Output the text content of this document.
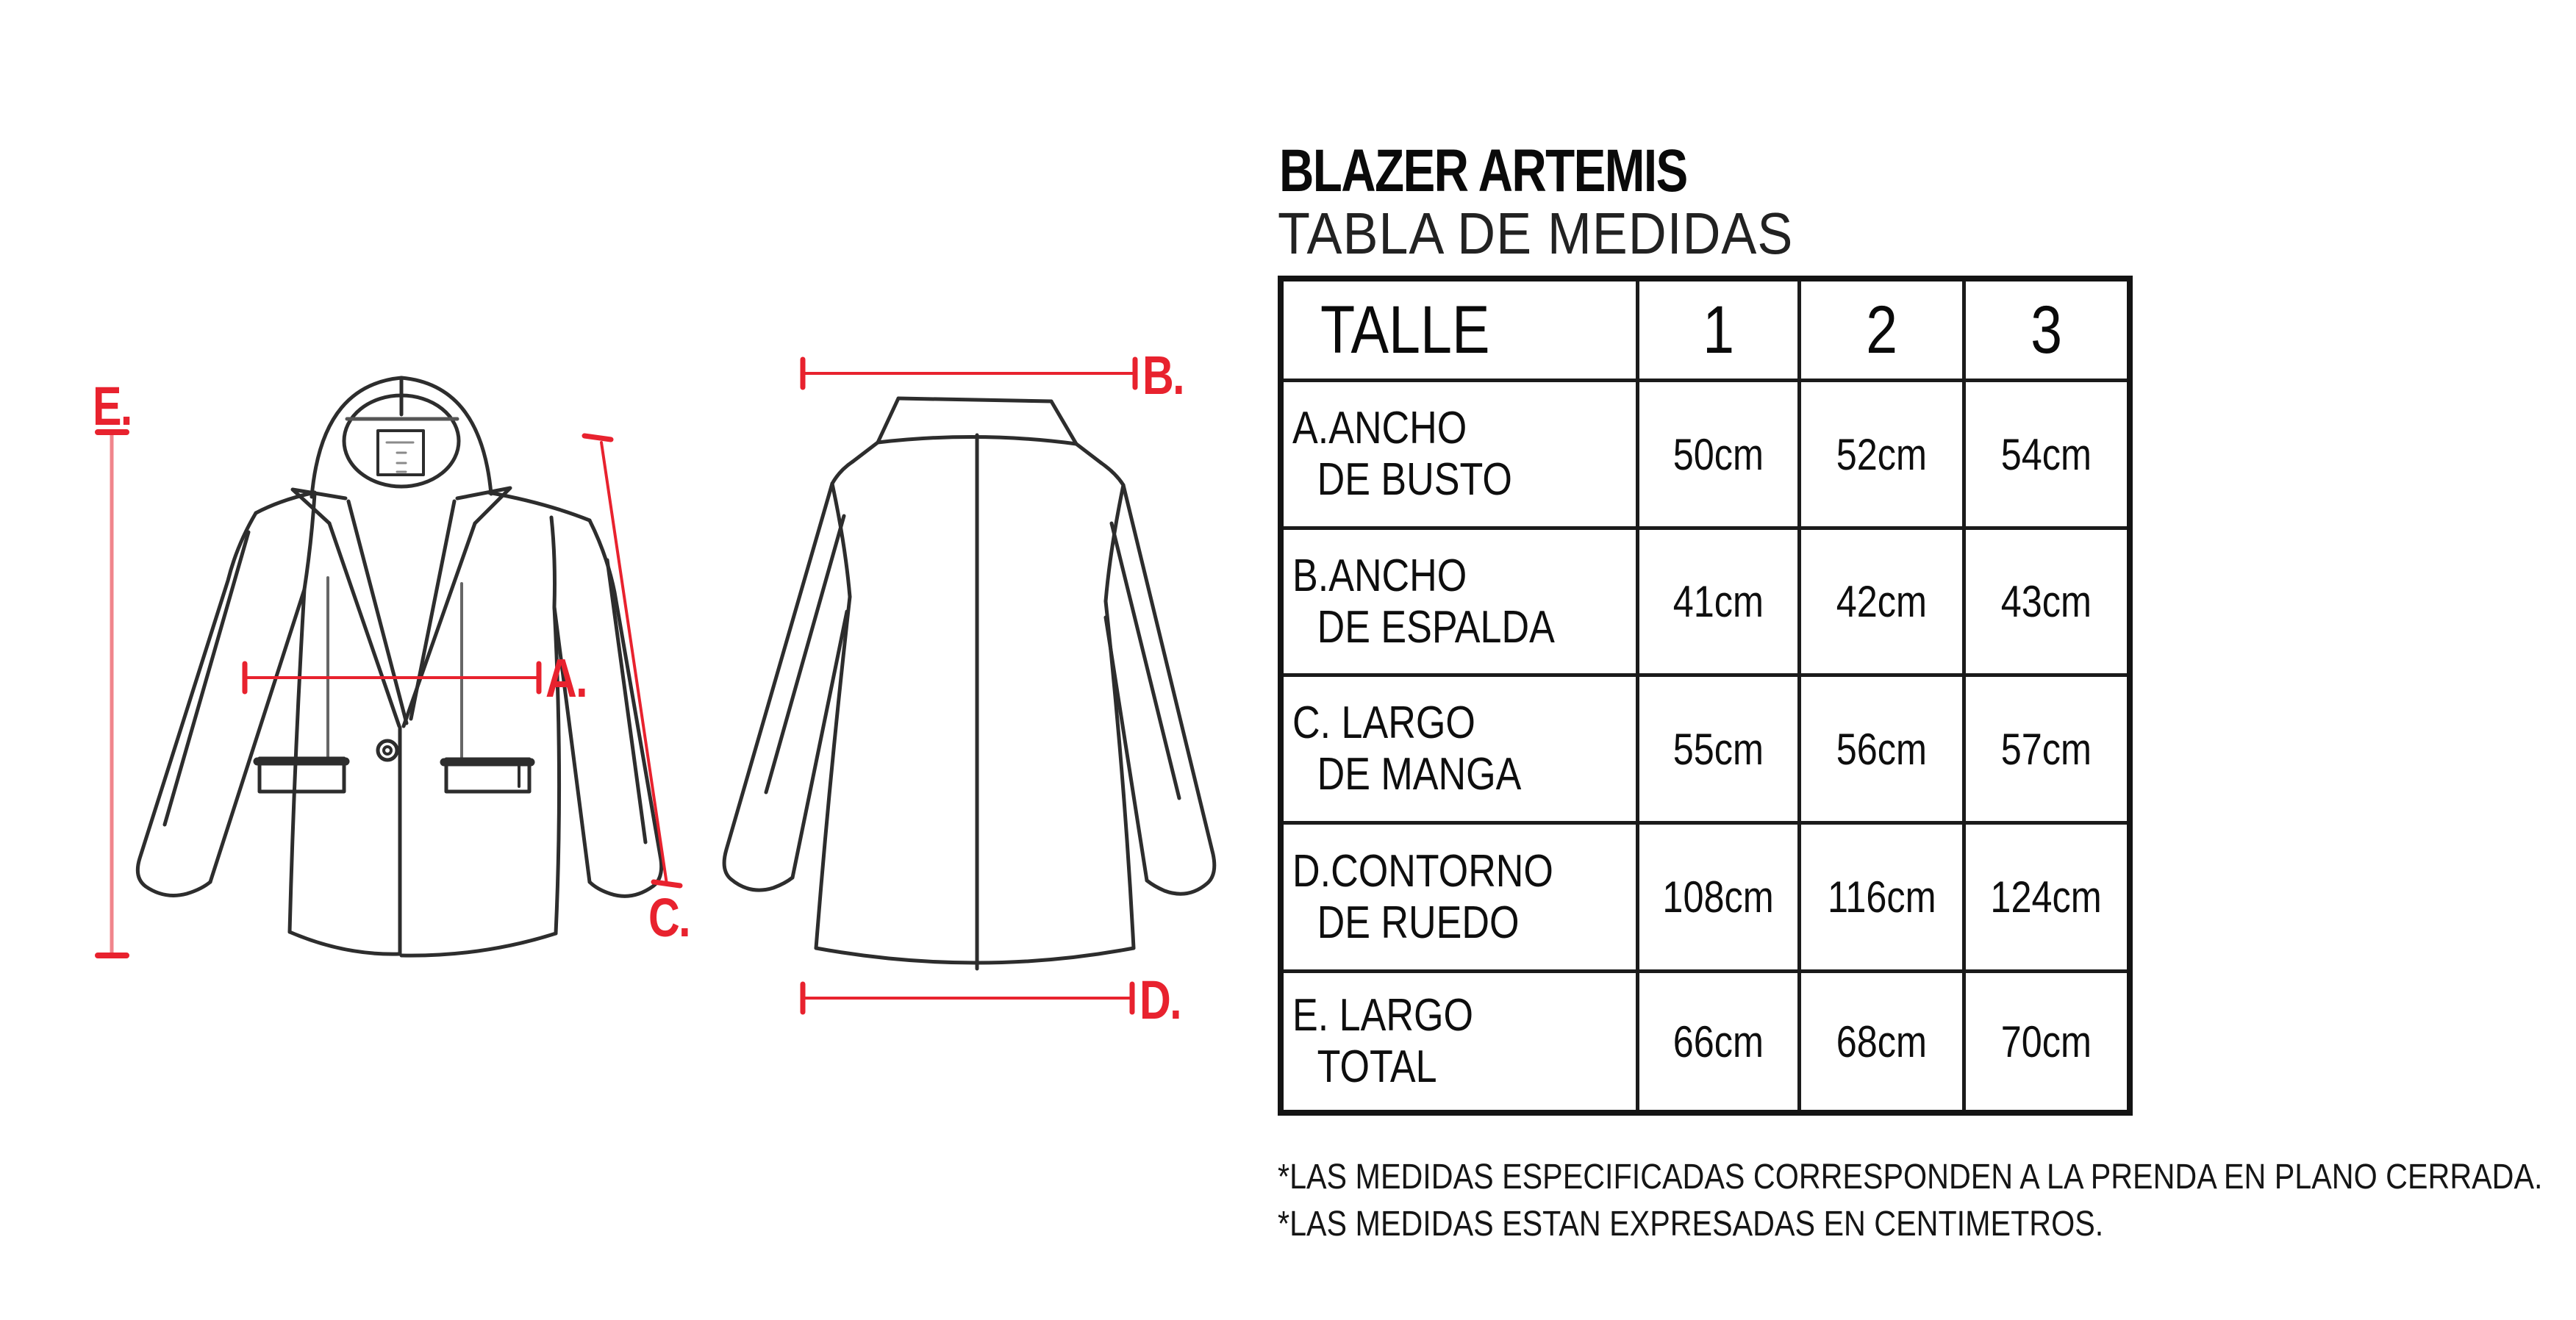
E.
A.
C.
B.
D.
BLAZER ARTEMIS
TABLA DE MEDIDAS
TALLE	1 2 3
A.ANCHO
DE BUSTO	50cm 52cm 54cm
B.ANCHO
DE ESPALDA	41cm 42cm 43cm
C. LARGO
DE MANGA	55cm 56cm 57cm
D.CONTORNO
DE RUEDO	108cm 116cm 124cm
E. LARGO
TOTAL	66cm 68cm 70cm
*LAS MEDIDAS ESPECIFICADAS CORRESPONDEN A LA PRENDA EN PLANO CERRADA.
*LAS MEDIDAS ESTAN EXPRESADAS EN CENTIMETROS.
